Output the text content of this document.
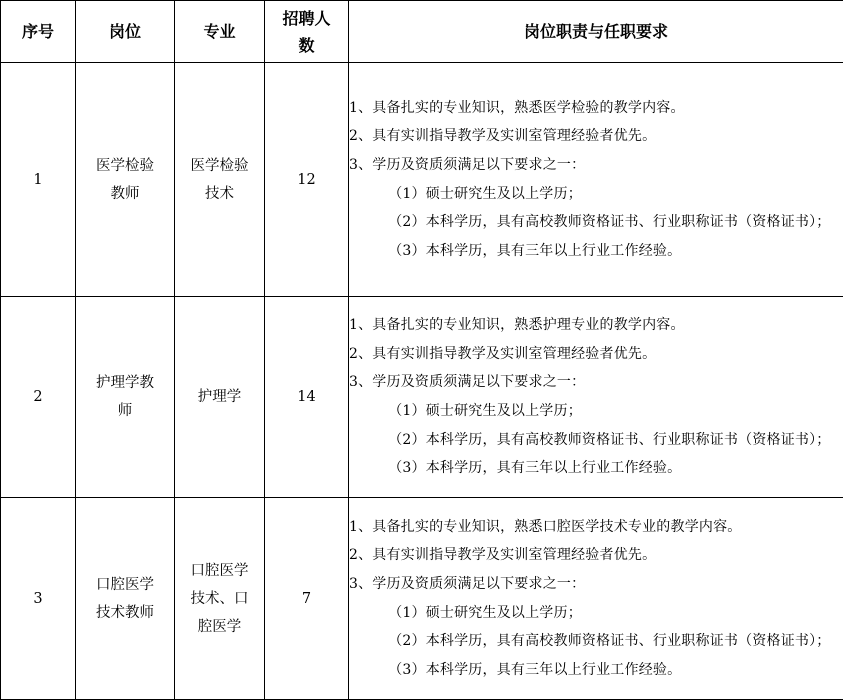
序号	岗位	专业	招聘人数	岗位职责与任职要求
1	医学检验教师	医学检验技术	12	
1、具备扎实的专业知识，熟悉医学检验的教学内容。
2、具有实训指导教学及实训室管理经验者优先。
3、学历及资质须满足以下要求之一：
（1）硕士研究生及以上学历；
（2）本科学历，具有高校教师资格证书、行业职称证书（资格证书）；
（3）本科学历，具有三年以上行业工作经验。

2	护理学教师	护理学	14	
1、具备扎实的专业知识，熟悉护理专业的教学内容。
2、具有实训指导教学及实训室管理经验者优先。
3、学历及资质须满足以下要求之一：
（1）硕士研究生及以上学历；
（2）本科学历，具有高校教师资格证书、行业职称证书（资格证书）；
（3）本科学历，具有三年以上行业工作经验。

3	口腔医学技术教师	口腔医学技术、口腔医学	7	
1、具备扎实的专业知识，熟悉口腔医学技术专业的教学内容。
2、具有实训指导教学及实训室管理经验者优先。
3、学历及资质须满足以下要求之一：
（1）硕士研究生及以上学历；
（2）本科学历，具有高校教师资格证书、行业职称证书（资格证书）；
（3）本科学历，具有三年以上行业工作经验。
